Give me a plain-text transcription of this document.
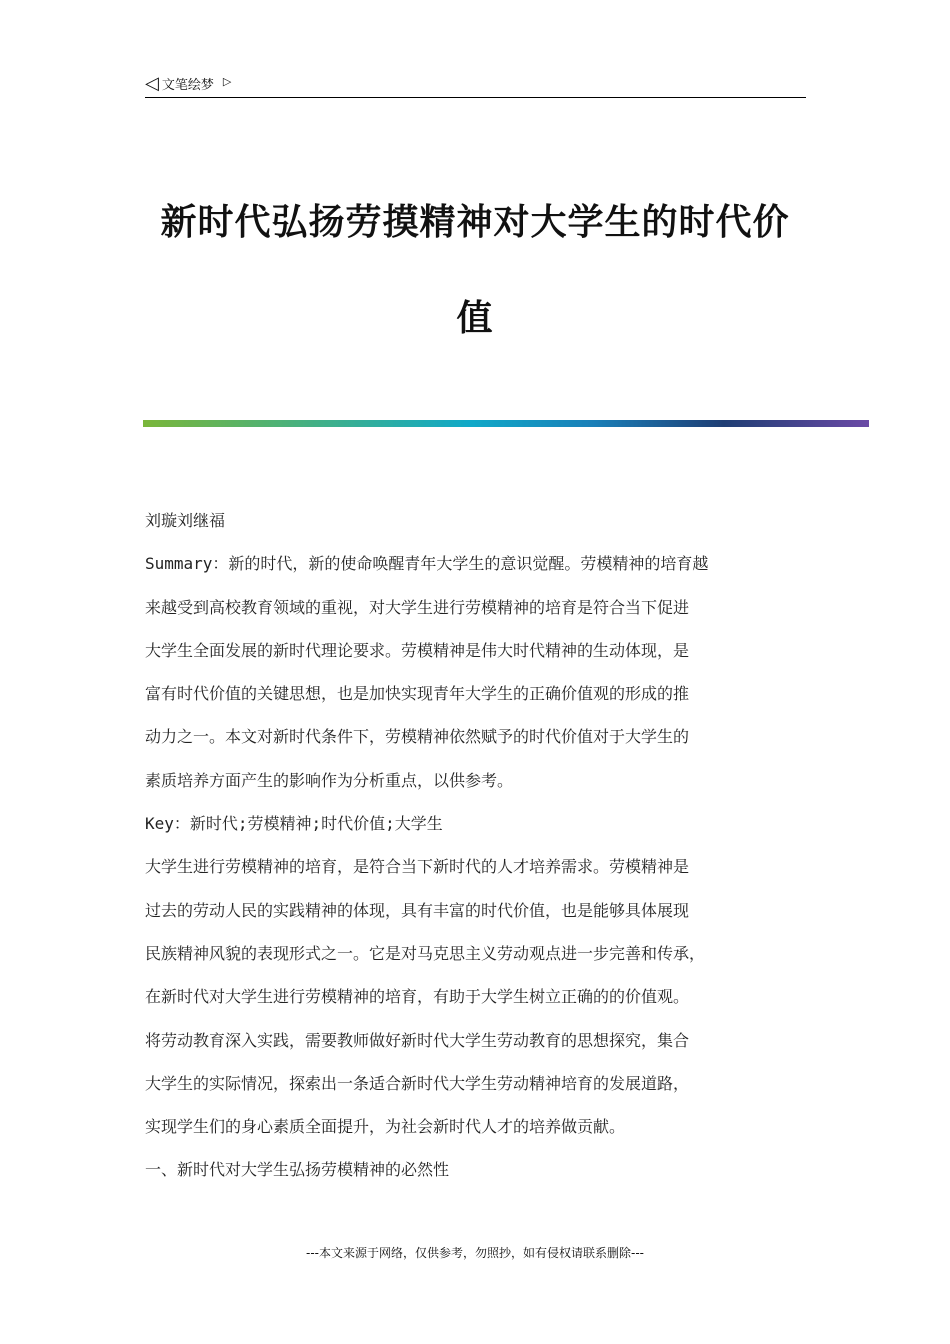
◁ 文笔绘梦 ▷
新时代弘扬劳摸精神对大学生的时代价
值

刘璇刘继福

Summary：新的时代，新的使命唤醒青年大学生的意识觉醒。劳模精神的培育越

来越受到高校教育领域的重视，对大学生进行劳模精神的培育是符合当下促进

大学生全面发展的新时代理论要求。劳模精神是伟大时代精神的生动体现，是

富有时代价值的关键思想，也是加快实现青年大学生的正确价值观的形成的推

动力之一。本文对新时代条件下，劳模精神依然赋予的时代价值对于大学生的

素质培养方面产生的影响作为分析重点，以供参考。

Key：新时代;劳模精神;时代价值;大学生

大学生进行劳模精神的培育，是符合当下新时代的人才培养需求。劳模精神是

过去的劳动人民的实践精神的体现，具有丰富的时代价值，也是能够具体展现

民族精神风貌的表现形式之一。它是对马克思主义劳动观点进一步完善和传承，

在新时代对大学生进行劳模精神的培育，有助于大学生树立正确的的价值观。

将劳动教育深入实践，需要教师做好新时代大学生劳动教育的思想探究，集合

大学生的实际情况，探索出一条适合新时代大学生劳动精神培育的发展道路，

实现学生们的身心素质全面提升，为社会新时代人才的培养做贡献。

一、新时代对大学生弘扬劳模精神的必然性

---本文来源于网络，仅供参考，勿照抄，如有侵权请联系删除---
